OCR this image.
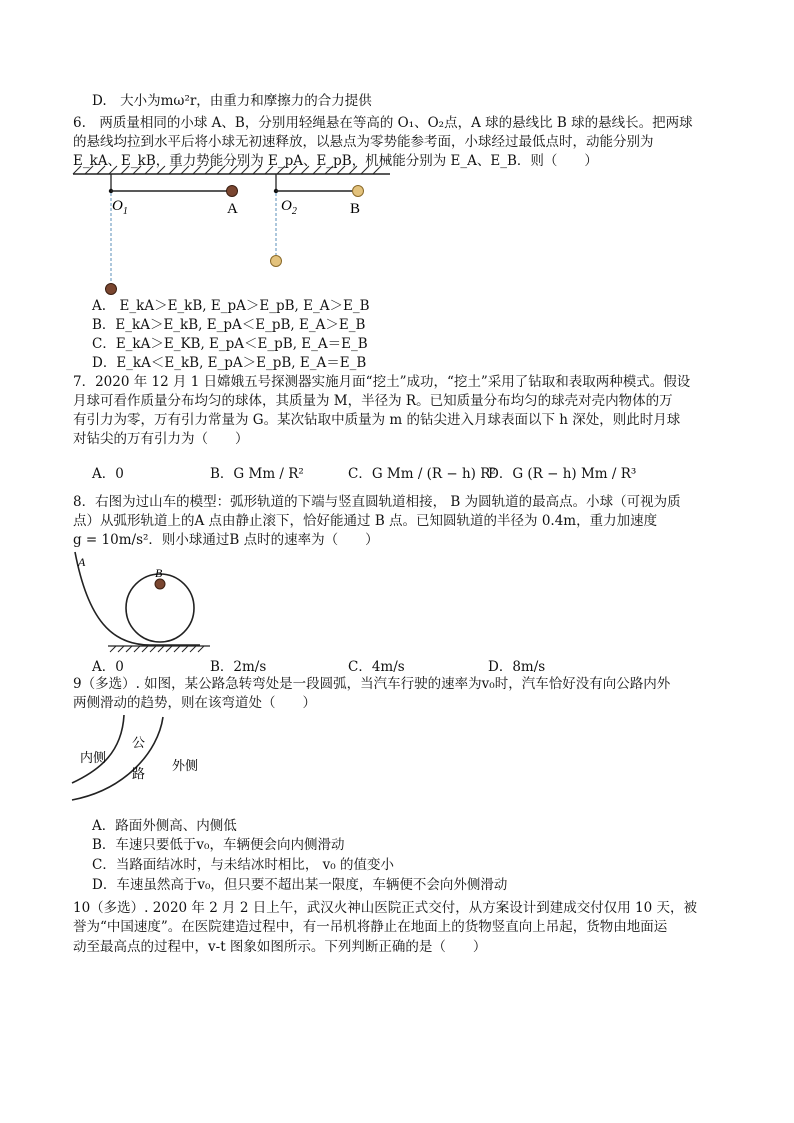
D.　大小为mω²r，由重力和摩擦力的合力提供
6.　两质量相同的小球 A、B，分别用轻绳悬在等高的 O₁、O₂点，A 球的悬线比 B 球的悬线长。把两球
的悬线均拉到水平后将小球无初速释放，以悬点为零势能参考面，小球经过最低点时，动能分别为
E_kA、E_kB，重力势能分别为 E_pA、E_pB，机械能分别为 E_A、E_B．则（　　）
$O_1$	A	$O_2$	B
A
B
内侧
公
路
外侧
A.　E_kA＞E_kB, E_pA＞E_pB, E_A＞E_B
B．E_kA＞E_kB, E_pA＜E_pB, E_A＞E_B
C．E_kA＞E_KB, E_pA＜E_pB, E_A＝E_B
D．E_kA＜E_kB, E_pA＞E_pB, E_A＝E_B
7．2020 年 12 月 1 日嫦娥五号探测器实施月面“挖土”成功，“挖土”采用了钻取和表取两种模式。假设
月球可看作质量分布均匀的球体，其质量为 M，半径为 R。已知质量分布均匀的球壳对壳内物体的万
有引力为零，万有引力常量为 G。某次钻取中质量为 m 的钻尖进入月球表面以下 h 深处，则此时月球
对钻尖的万有引力为（　　）
A．0	B．G Mm / R²	C．G Mm / (R − h) R²
D．G (R − h) Mm / R³
8．右图为过山车的模型：弧形轨道的下端与竖直圆轨道相接， B 为圆轨道的最高点。小球（可视为质
点）从弧形轨道上的A 点由静止滚下，恰好能通过 B 点。已知圆轨道的半径为 0.4m，重力加速度
g = 10m/s²．则小球通过B 点时的速率为（　　）
A．0	B．2m/s	C．4m/s	D．8m/s
9（多选）. 如图，某公路急转弯处是一段圆弧，当汽车行驶的速率为v₀时，汽车恰好没有向公路内外
两侧滑动的趋势，则在该弯道处（　　）
A．路面外侧高、内侧低
B．车速只要低于v₀，车辆便会向内侧滑动
C．当路面结冰时，与未结冰时相比， v₀ 的值变小
D．车速虽然高于v₀，但只要不超出某一限度，车辆便不会向外侧滑动
10（多选）. 2020 年 2 月 2 日上午，武汉火神山医院正式交付，从方案设计到建成交付仅用 10 天，被
誉为“中国速度”。在医院建造过程中，有一吊机将静止在地面上的货物竖直向上吊起，货物由地面运
动至最高点的过程中，v-t 图象如图所示。下列判断正确的是（　　）
